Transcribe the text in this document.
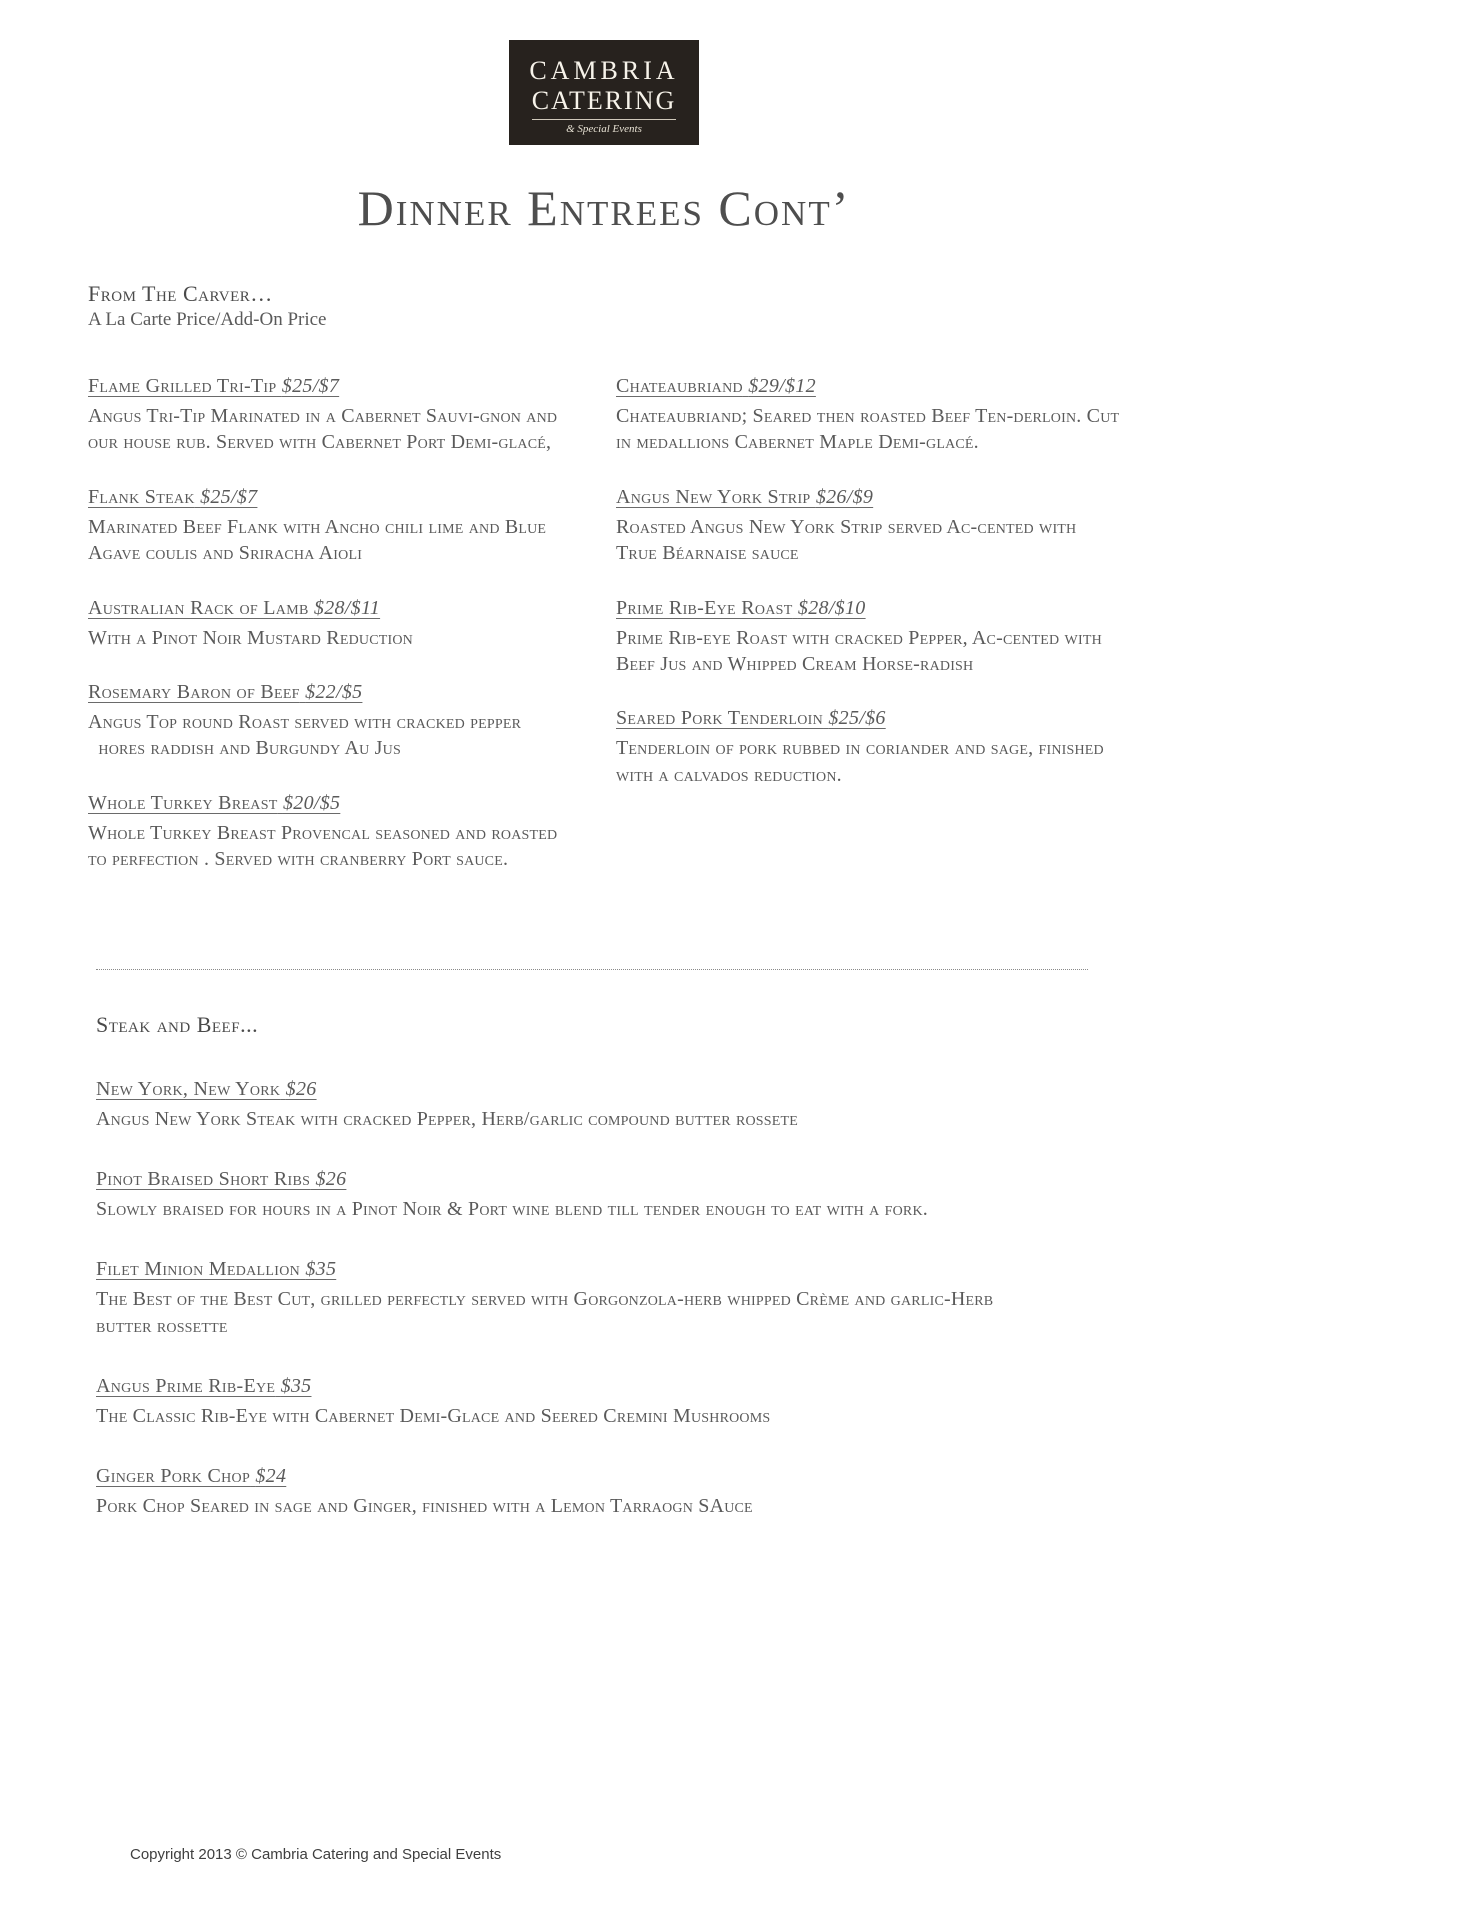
CAMBRIA
CATERING
& Special Events
Dinner Entrees Cont’
From The Carver…
A La Carte Price/Add-On Price
Flame Grilled Tri-Tip $25/$7
Angus Tri-Tip Marinated in a Cabernet Sauvi-gnon and our house rub. Served with Cabernet Port Demi-glacé,
Flank Steak $25/$7
Marinated Beef Flank with Ancho chili lime and Blue Agave coulis and Sriracha Aioli
Australian Rack of Lamb $28/$11
With a Pinot Noir Mustard Reduction
Rosemary Baron of Beef $22/$5
Angus Top round Roast served with cracked pepper   hores raddish and Burgundy Au Jus
Whole Turkey Breast $20/$5
Whole Turkey Breast Provencal seasoned and roasted to perfection . Served with cranberry Port sauce.
Chateaubriand $29/$12
Chateaubriand; Seared then roasted Beef Ten-derloin. Cut in medallions Cabernet Maple Demi-glacé.
Angus New York Strip $26/$9
Roasted Angus New York Strip served Ac-cented with True Béarnaise sauce
Prime Rib-Eye Roast $28/$10
Prime Rib-eye Roast with cracked Pepper, Ac-cented with Beef Jus and Whipped Cream Horse-radish
Seared Pork Tenderloin $25/$6
Tenderloin of pork rubbed in coriander and sage, finished with a calvados reduction.
Steak and Beef...
New York, New York $26
Angus New York Steak with cracked Pepper, Herb/garlic compound butter rossete
Pinot Braised Short Ribs $26
Slowly braised for hours in a Pinot Noir & Port wine blend till tender enough to eat with a fork.
Filet Minion Medallion $35
The Best of the Best Cut, grilled perfectly served with Gorgonzola-herb whipped Crème and garlic-Herb butter rossette
Angus Prime Rib-Eye $35
The Classic Rib-Eye with Cabernet Demi-Glace and Seered Cremini Mushrooms
Ginger Pork Chop $24
Pork Chop Seared in sage and Ginger, finished with a Lemon Tarraogn SAuce
Copyright 2013 © Cambria Catering and Special Events
